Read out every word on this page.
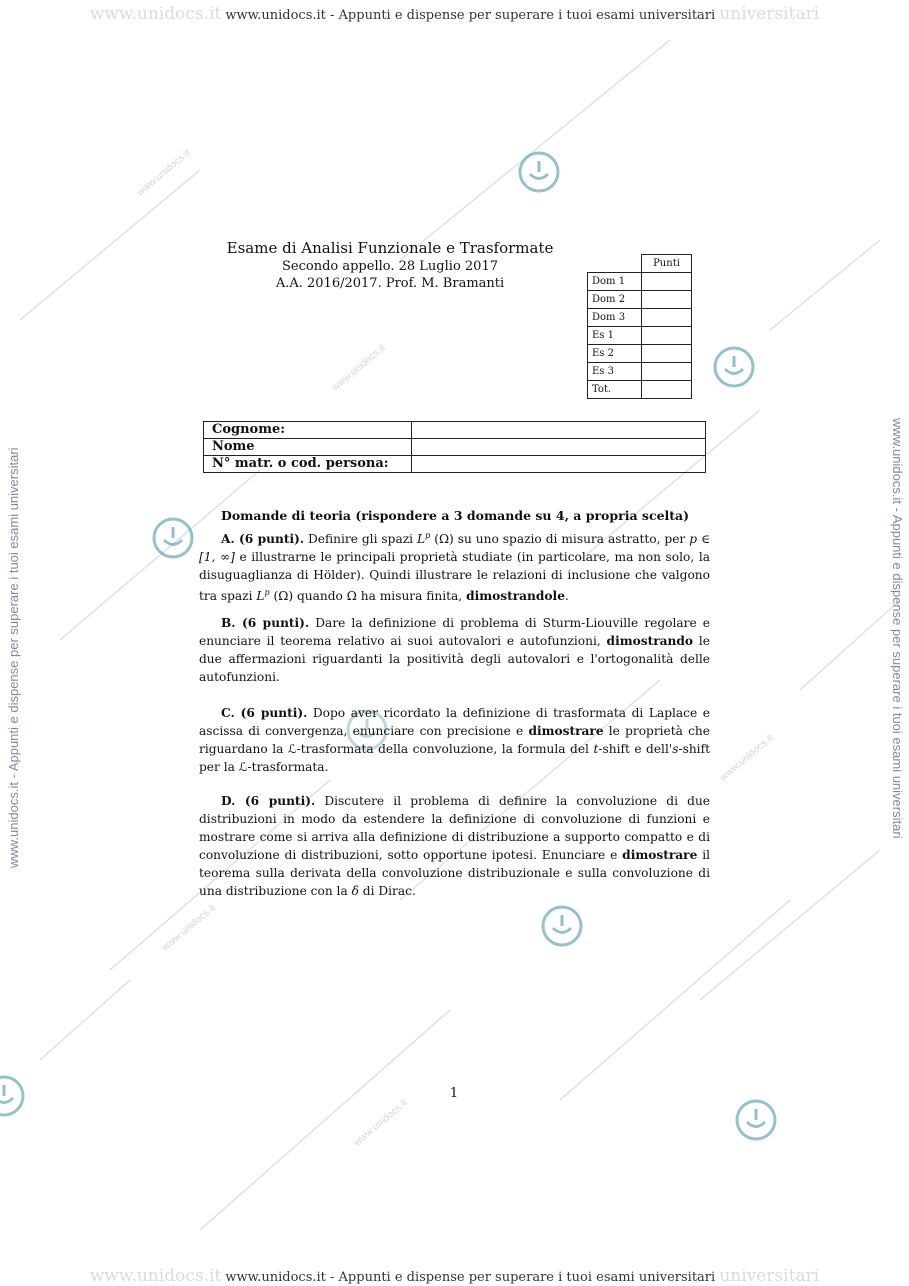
www.unidocs.it www.unidocs.it - Appunti e dispense per superare i tuoi esami universitari universitari
www.unidocs.it www.unidocs.it - Appunti e dispense per superare i tuoi esami universitari universitari
www.unidocs.it - Appunti e dispense per superare i tuoi esami universitari	www.unidocs.it - Appunti e dispense per superare i tuoi esami universitari
www.unidocs.it
www.unidocs.it
www.unidocs.it
www.unidocs.it
www.unidocs.it
Esame di Analisi Funzionale e Trasformate
Secondo appello. 28 Luglio 2017
A.A. 2016/2017. Prof. M. Bramanti
	Punti
Dom 1	
Dom 2	
Dom 3	
Es 1	
Es 2	
Es 3	
Tot.	
Cognome:	
Nome	
N° matr. o cod. persona:	
Domande di teoria (rispondere a 3 domande su 4, a propria scelta)
A. (6 punti). Definire gli spazi $L^p$ (Ω) su uno spazio di misura astratto, per p ∈ [1, ∞] e illustrarne le principali proprietà studiate (in particolare, ma non solo, la disuguaglianza di Hölder). Quindi illustrare le relazioni di inclusione che valgono tra spazi $L^p$ (Ω) quando Ω ha misura finita, dimostrandole.
B. (6 punti). Dare la definizione di problema di Sturm-Liouville regolare e enunciare il teorema relativo ai suoi autovalori e autofunzioni, dimostrando le due affermazioni riguardanti la positività degli autovalori e l'ortogonalità delle autofunzioni.
C. (6 punti). Dopo aver ricordato la definizione di trasformata di Laplace e ascissa di convergenza, enunciare con precisione e dimostrare le proprietà che riguardano la ℒ-trasformata della convoluzione, la formula del t-shift e dell's-shift per la ℒ-trasformata.
D. (6 punti). Discutere il problema di definire la convoluzione di due distribuzioni in modo da estendere la definizione di convoluzione di funzioni e mostrare come si arriva alla definizione di distribuzione a supporto compatto e di convoluzione di distribuzioni, sotto opportune ipotesi. Enunciare e dimostrare il teorema sulla derivata della convoluzione distribuzionale e sulla convoluzione di una distribuzione con la δ di Dirac.
1
